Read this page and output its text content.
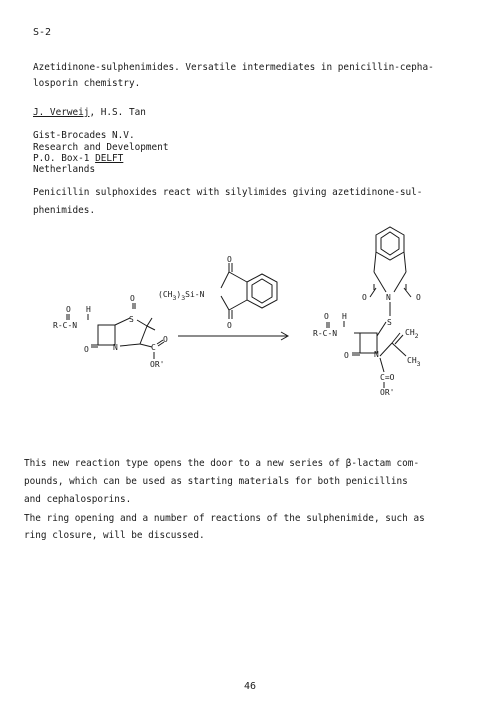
S-2
Azetidinone-sulphenimides. Versatile intermediates in penicillin-cepha-
losporin chemistry.
J. Verweij, H.S. Tan
Gist-Brocades N.V.
Research and Development
P.O. Box-1 DELFT
Netherlands
Penicillin sulphoxides react with silylimides giving azetidinone-sul-
phenimides.
O
O
$(CH_3)_3Si-N$
O H
R-C-N
O	N
S
O
C
O
OR'
O	O
N
S
H
O
R-C-N
O	N
$CH_2$
$CH_3$
C=O
OR'
This new reaction type opens the door to a new series of β-lactam com-
pounds, which can be used as starting materials for both penicillins
and cephalosporins.
The ring opening and a number of reactions of the sulphenimide, such as
ring closure, will be discussed.
46
